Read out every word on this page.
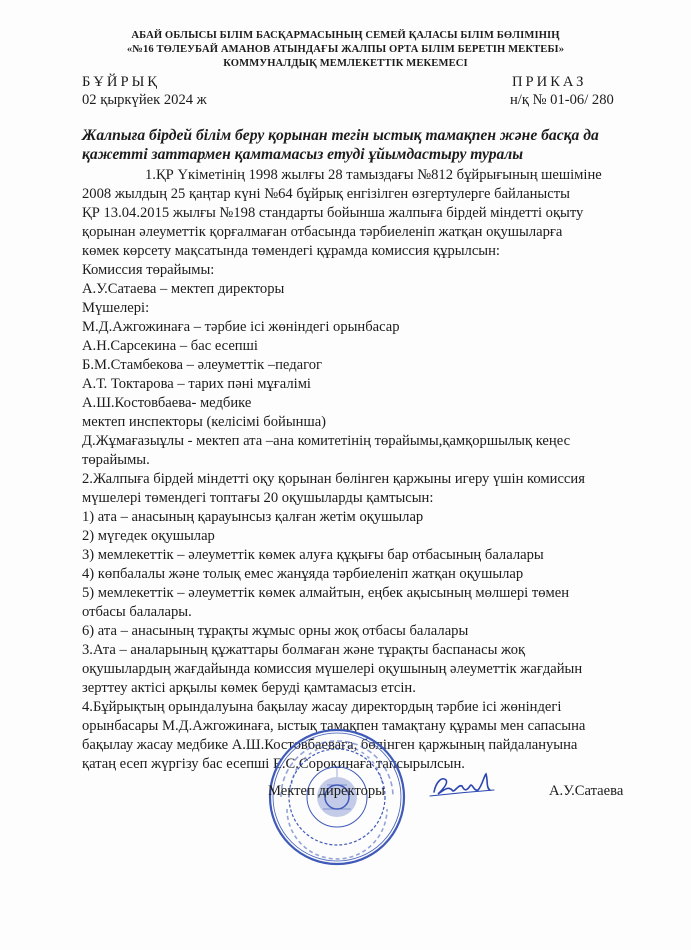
АБАЙ ОБЛЫСЫ БІЛІМ БАСҚАРМАСЫНЫҢ СЕМЕЙ ҚАЛАСЫ БІЛІМ БӨЛІМІНІҢ
«№16 ТӨЛЕУБАЙ АМАНОВ АТЫНДАҒЫ ЖАЛПЫ ОРТА БІЛІМ БЕРЕТІН МЕКТЕБІ»
КОММУНАЛДЫҚ МЕМЛЕКЕТТІК МЕКЕМЕСІ
БҰЙРЫҚ	ПРИКАЗ
02 қыркүйек 2024 ж	н/қ № 01-06/ 280
Жалпыға бірдей білім беру қорынан тегін ыстық тамақпен және басқа да
қажетті заттармен қамтамасыз етуді ұйымдастыру туралы
1.ҚР Үкіметінің 1998 жылғы 28 тамыздағы №812 бұйрығының шешіміне
2008 жылдың 25 қаңтар күні №64 бұйрық енгізілген өзгертулерге байланысты
ҚР 13.04.2015 жылғы №198 стандарты бойынша жалпыға бірдей міндетті оқыту
қорынан әлеуметтік қорғалмаған отбасында тәрбиеленіп жатқан оқушыларға
көмек көрсету мақсатында төмендегі құрамда комиссия құрылсын:
Комиссия төрайымы:
А.У.Сатаева – мектеп директоры
Мүшелері:
М.Д.Ажгожинаға – тәрбие ісі жөніндегі орынбасар
А.Н.Сарсекина – бас есепші
Б.М.Стамбекова – әлеуметтік –педагог
А.Т. Токтарова – тарих пәні мұғалімі
А.Ш.Костовбаева- медбике
мектеп инспекторы (келісімі бойынша)
Д.Жұмағазыұлы - мектеп ата –ана комитетінің төрайымы,қамқоршылық кеңес
төрайымы.
2.Жалпыға бірдей міндетті оқу қорынан бөлінген қаржыны игеру үшін комиссия
мүшелері төмендегі топтағы 20 оқушыларды қамтысын:
1) ата – анасының қарауынсыз қалған жетім оқушылар
2) мүгедек оқушылар
3) мемлекеттік – әлеуметтік көмек алуға құқығы бар отбасының балалары
4) көпбалалы және толық емес жанұяда тәрбиеленіп жатқан оқушылар
5) мемлекеттік – әлеуметтік көмек алмайтын, еңбек ақысының мөлшері төмен
отбасы балалары.
6) ата – анасының тұрақты жұмыс орны жоқ отбасы балалары
3.Ата – аналарының құжаттары болмаған және тұрақты баспанасы жоқ
оқушылардың жағдайында комиссия мүшелері оқушының әлеуметтік жағдайын
зерттеу актісі арқылы көмек беруді қамтамасыз етсін.
4.Бұйрықтың орындалуына бақылау жасау директордың тәрбие ісі жөніндегі
орынбасары М.Д.Ажгожинаға, ыстық тамақпен тамақтану құрамы мен сапасына
бақылау жасау медбике А.Ш.Костовбаеваға, бөлінген қаржының пайдалануына
қатаң есеп жүргізу бас есепші Е.С.Сорокинаға тапсырылсын.
Мектеп директоры	А.У.Сатаева
